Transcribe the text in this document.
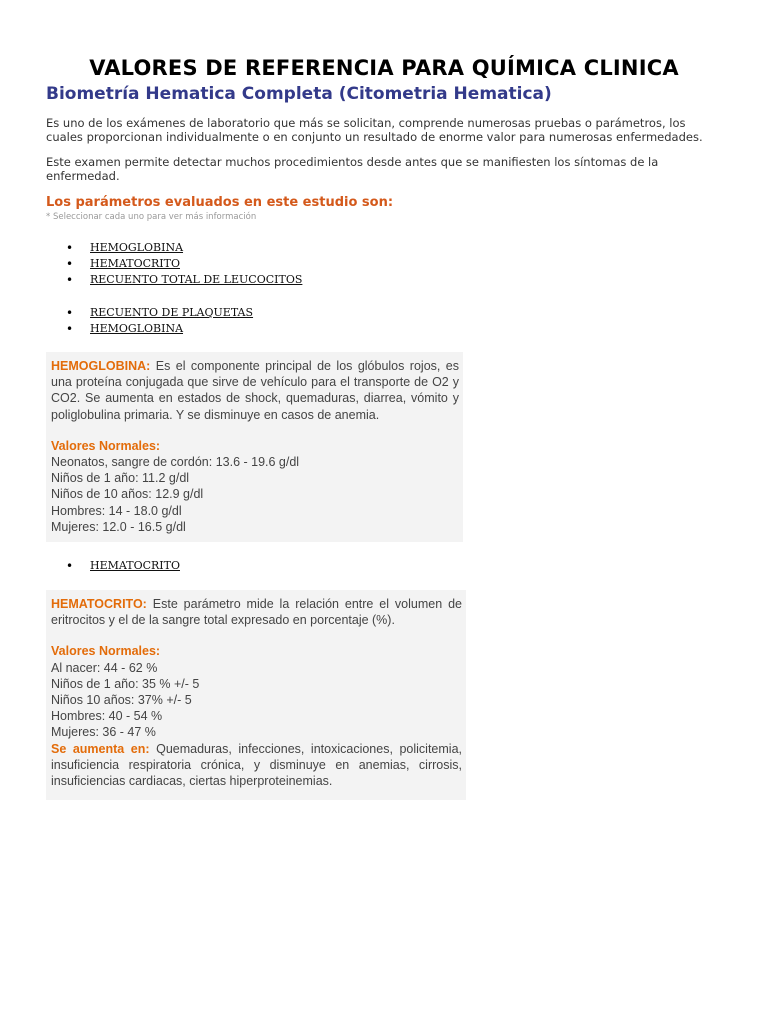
VALORES DE REFERENCIA PARA QUÍMICA CLINICA
Biometría Hematica Completa (Citometria Hematica)

Es uno de los exámenes de laboratorio que más se solicitan, comprende numerosas pruebas o parámetros, los cuales proporcionan individualmente o en conjunto un resultado de enorme valor para numerosas enfermedades.

Este examen permite detectar muchos procedimientos desde antes que se manifiesten los síntomas de la enfermedad.

Los parámetros evaluados en este estudio son:

* Seleccionar cada uno para ver más información

• HEMOGLOBINA
• HEMATOCRITO
• RECUENTO TOTAL DE LEUCOCITOS
• RECUENTO DE PLAQUETAS
• HEMOGLOBINA

HEMOGLOBINA: Es el componente principal de los glóbulos rojos, es una proteína conjugada que sirve de vehículo para el transporte de O2 y CO2. Se aumenta en estados de shock, quemaduras, diarrea, vómito y poliglobulina primaria. Y se disminuye en casos de anemia.

Valores Normales:

Neonatos, sangre de cordón: 13.6 - 19.6 g/dl
Niños de 1 año: 11.2 g/dl
Niños de 10 años: 12.9 g/dl
Hombres: 14 - 18.0 g/dl
Mujeres: 12.0 - 16.5 g/dl
• HEMATOCRITO

HEMATOCRITO: Este parámetro mide la relación entre el volumen de eritrocitos y el de la sangre total expresado en porcentaje (%).

Valores Normales:

Al nacer: 44 - 62 %
Niños de 1 año: 35 % +/- 5
Niños 10 años: 37% +/- 5
Hombres: 40 - 54 %
Mujeres: 36 - 47 %

Se aumenta en: Quemaduras, infecciones, intoxicaciones, policitemia, insuficiencia respiratoria crónica, y disminuye en anemias, cirrosis, insuficiencias cardiacas, ciertas hiperproteinemias.
